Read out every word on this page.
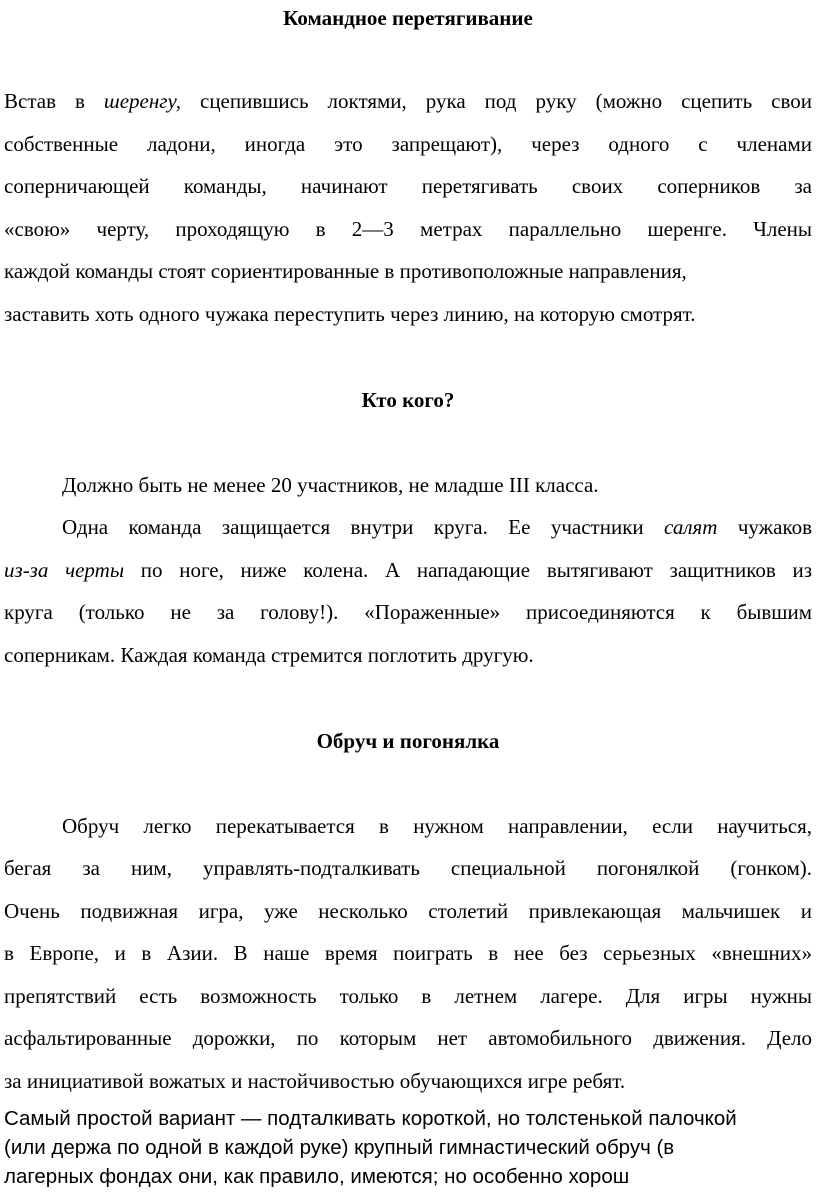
Командное перетягивание
Встав в шеренгу, сцепившись локтями, рука под руку (можно сцепить свои
собственные ладони, иногда это запрещают), через одного с членами
соперничающей команды, начинают перетягивать своих соперников за
«свою» черту, проходящую в 2—3 метрах параллельно шеренге. Члены
каждой команды стоят сориентированные в противоположные направления,
заставить хоть одного чужака переступить через линию, на которую смотрят.
Кто кого?
Должно быть не менее 20 участников, не младше III класса.
Одна команда защищается внутри круга. Ее участники салят чужаков
из-за черты по ноге, ниже колена. А нападающие вытягивают защитников из
круга (только не за голову!). «Пораженные» присоединяются к бывшим
соперникам. Каждая команда стремится поглотить другую.
Обруч и погонялка
Обруч легко перекатывается в нужном направлении, если научиться,
бегая за ним, управлять-подталкивать специальной погонялкой (гонком).
Очень подвижная игра, уже несколько столетий привлекающая мальчишек и
в Европе, и в Азии. В наше время поиграть в нее без серьезных «внешних»
препятствий есть возможность только в летнем лагере. Для игры нужны
асфальтированные дорожки, по которым нет автомобильного движения. Дело
за инициативой вожатых и настойчивостью обучающихся игре ребят.
Самый простой вариант — подталкивать короткой, но толстенькой палочкой
(или держа по одной в каждой руке) крупный гимнастический обруч (в
лагерных фондах они, как правило, имеются; но особенно хорош
